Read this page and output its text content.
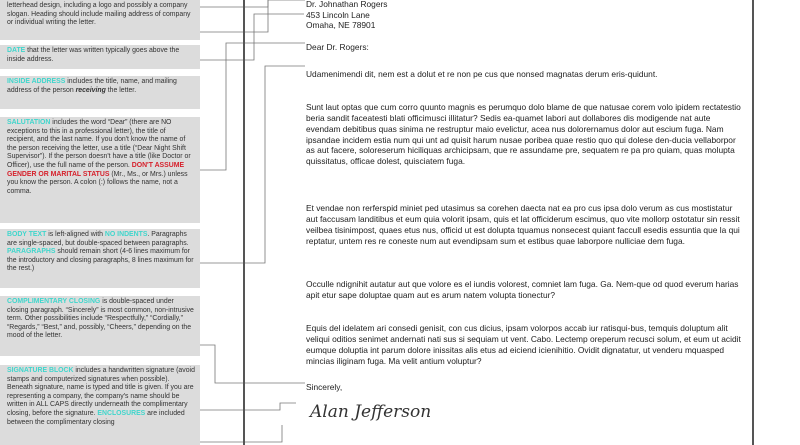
letterhead design, including a logo and possibly a company slogan. Heading should include mailing address of company or individual writing the letter.
DATE that the letter was written typically goes above the inside address.
INSIDE ADDRESS includes the title, name, and mailing address of the person receiving the letter.
SALUTATION includes the word “Dear” (there are NO exceptions to this in a professional letter), the title of recipient, and the last name. If you don't know the name of the person receiving the letter, use a title (“Dear Night Shift Supervisor”). If the person doesn't have a title (like Doctor or Officer), use the full name of the person. DON'T ASSUME GENDER OR MARITAL STATUS (Mr., Ms., or Mrs.) unless you know the person. A colon (:) follows the name, not a comma.
BODY TEXT is left-aligned with NO INDENTS. Paragraphs are single-spaced, but double-spaced between paragraphs. PARAGRAPHS should remain short (4-6 lines maximum for the introductory and closing paragraphs, 8 lines maximum for the rest.)
COMPLIMENTARY CLOSING is double-spaced under closing paragraph. “Sincerely” is most common, non-intrusive term. Other possibilities include “Respectfully,” “Cordially,” “Regards,” “Best,” and, possibly, “Cheers,” depending on the mood of the letter.
SIGNATURE BLOCK includes a handwritten signature (avoid stamps and computerized signatures when possible). Beneath signature, name is typed and title is given. If you are representing a company, the company's name should be written in ALL CAPS directly underneath the complimentary closing, before the signature. ENCLOSURES are included between the complimentary closing
Dr. Johnathan Rogers
453 Lincoln Lane
Omaha, NE 78901
Dear Dr. Rogers:

Udamenimendi dit, nem est a dolut et re non pe cus que nonsed magnatas derum eris-quidunt.

Sunt laut optas que cum corro quunto magnis es perumquo dolo blame de que natusae corem volo ipidem rectatestio beria sandit faceatesti blati officimusci illitatur? Sedis ea-quamet labori aut dollabores dis modigende nat aute evendam debitibus quas sinima ne restruptur maio evelictur, acea nus dolorernamus dolor aut escium fuga. Nam ipsandae incidem estia num qui unt ad quisit harum nusae poribea quae restio quo qui dolese den-ducia vellaborpor as aut facere, soloreserum hiciliquas archicipsam, que re assundame pre, sequatem re pa pro quiam, quas molupta quissitatus, officae dolest, quisciatem fuga.

Et vendae non rerferspid miniet ped utasimus sa corehen daecta nat ea pro cus ipsa dolo verum as cus mostistatur aut faccusam landitibus et eum quia volorit ipsam, quis et lat officiderum escimus, quo vite mollorp ostotatur sin ressit veilbea tisinimpost, quaes etus nus, officid ut est dolupta tquamus nonsecest quiant faccull esedis essuntia que la qui reptatur, untem res re coneste num aut evendipsam sum et estibus quae laborpore nulliciae dem fuga.

Occulle ndignihit autatur aut que volore es el iundis volorest, comniet lam fuga. Ga. Nem-que od quod everum harias apit etur sape doluptae quam aut es arum natem volupta tionectur?

Equis del idelatem ari consedi genisit, con cus dicius, ipsam volorpos accab iur ratisqui-bus, temquis doluptum alit veliqui oditios senimet andernati nati sus si sequiam ut vent. Cabo. Lectemp oreperum recusci solum, et eum ut acidit eumque doluptia int parum dolore inissitas alis etus ad eiciend icienihitio. Ovidit dignatatur, ut venderu mquasped mincias iliginam fuga. Ma velit antium voluptur?

Sincerely,
Alan Jefferson
